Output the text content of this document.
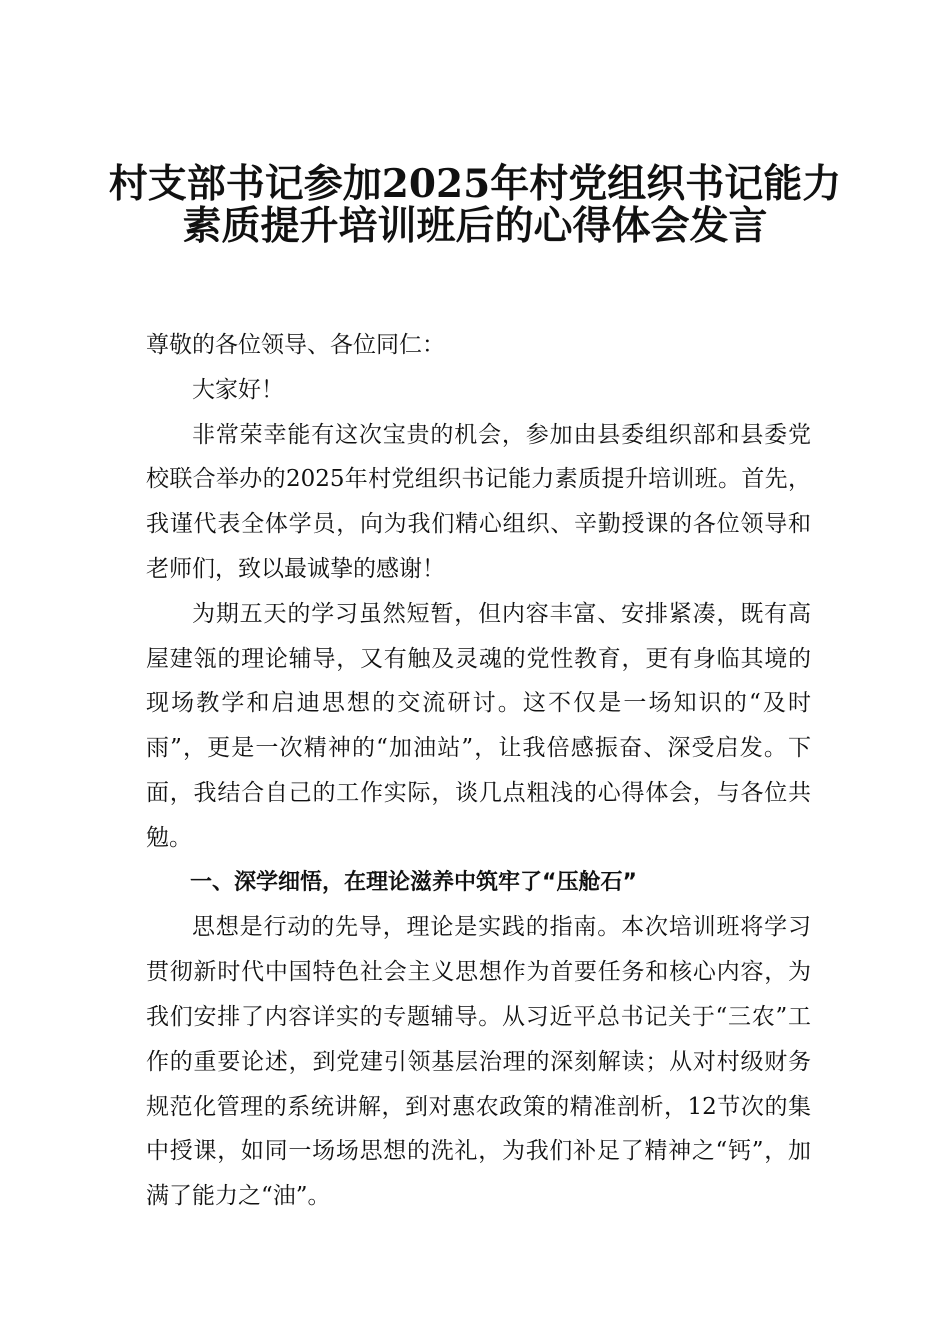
村支部书记参加2025年村党组织书记能力
素质提升培训班后的心得体会发言

尊敬的各位领导、各位同仁：

大家好！

非常荣幸能有这次宝贵的机会，参加由县委组织部和县委党校联合举办的2025年村党组织书记能力素质提升培训班。首先，我谨代表全体学员，向为我们精心组织、辛勤授课的各位领导和老师们，致以最诚挚的感谢！

为期五天的学习虽然短暂，但内容丰富、安排紧凑，既有高屋建瓴的理论辅导，又有触及灵魂的党性教育，更有身临其境的现场教学和启迪思想的交流研讨。这不仅是一场知识的“及时雨”，更是一次精神的“加油站”，让我倍感振奋、深受启发。下面，我结合自己的工作实际，谈几点粗浅的心得体会，与各位共勉。

一、深学细悟，在理论滋养中筑牢了“压舱石”

思想是行动的先导，理论是实践的指南。本次培训班将学习贯彻新时代中国特色社会主义思想作为首要任务和核心内容，为我们安排了内容详实的专题辅导。从习近平总书记关于“三农”工作的重要论述，到党建引领基层治理的深刻解读；从对村级财务规范化管理的系统讲解，到对惠农政策的精准剖析，12节次的集中授课，如同一场场思想的洗礼，为我们补足了精神之“钙”，加满了能力之“油”。
